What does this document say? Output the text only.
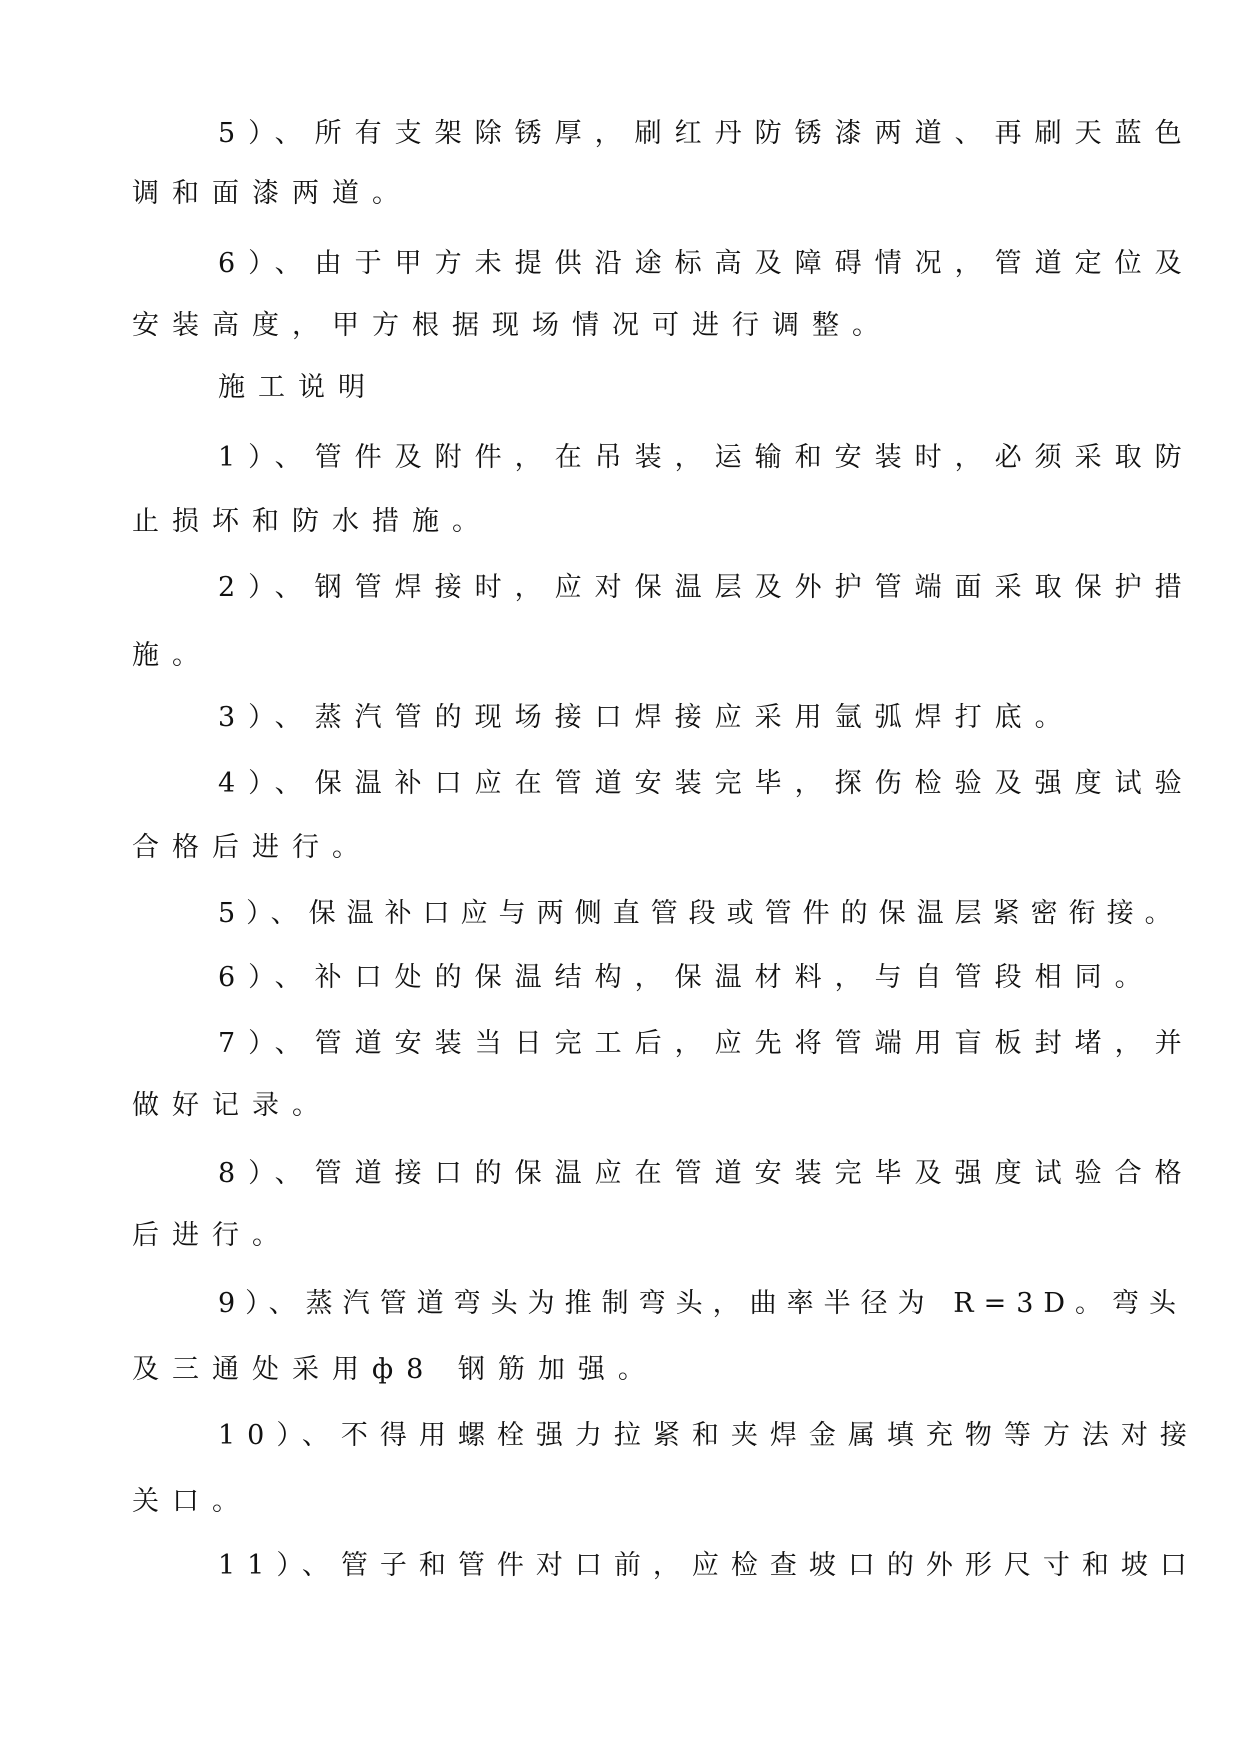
5）、所有支架除锈厚，刷红丹防锈漆两道、再刷天蓝色
调和面漆两道。
6）、由于甲方未提供沿途标高及障碍情况，管道定位及
安装高度，甲方根据现场情况可进行调整。
施工说明
1）、管件及附件，在吊装，运输和安装时，必须采取防
止损坏和防水措施。
2）、钢管焊接时，应对保温层及外护管端面采取保护措
施。
3）、蒸汽管的现场接口焊接应采用氩弧焊打底。
4）、保温补口应在管道安装完毕，探伤检验及强度试验
合格后进行。
5）、保温补口应与两侧直管段或管件的保温层紧密衔接。
6）、补口处的保温结构，保温材料，与自管段相同。
7）、管道安装当日完工后，应先将管端用盲板封堵，并
做好记录。
8）、管道接口的保温应在管道安装完毕及强度试验合格
后进行。
9）、蒸汽管道弯头为推制弯头，曲率半径为 R=3D。弯头
及三通处采用ф8 钢筋加强。
10）、不得用螺栓强力拉紧和夹焊金属填充物等方法对接
关口。
11）、管子和管件对口前，应检查坡口的外形尺寸和坡口
